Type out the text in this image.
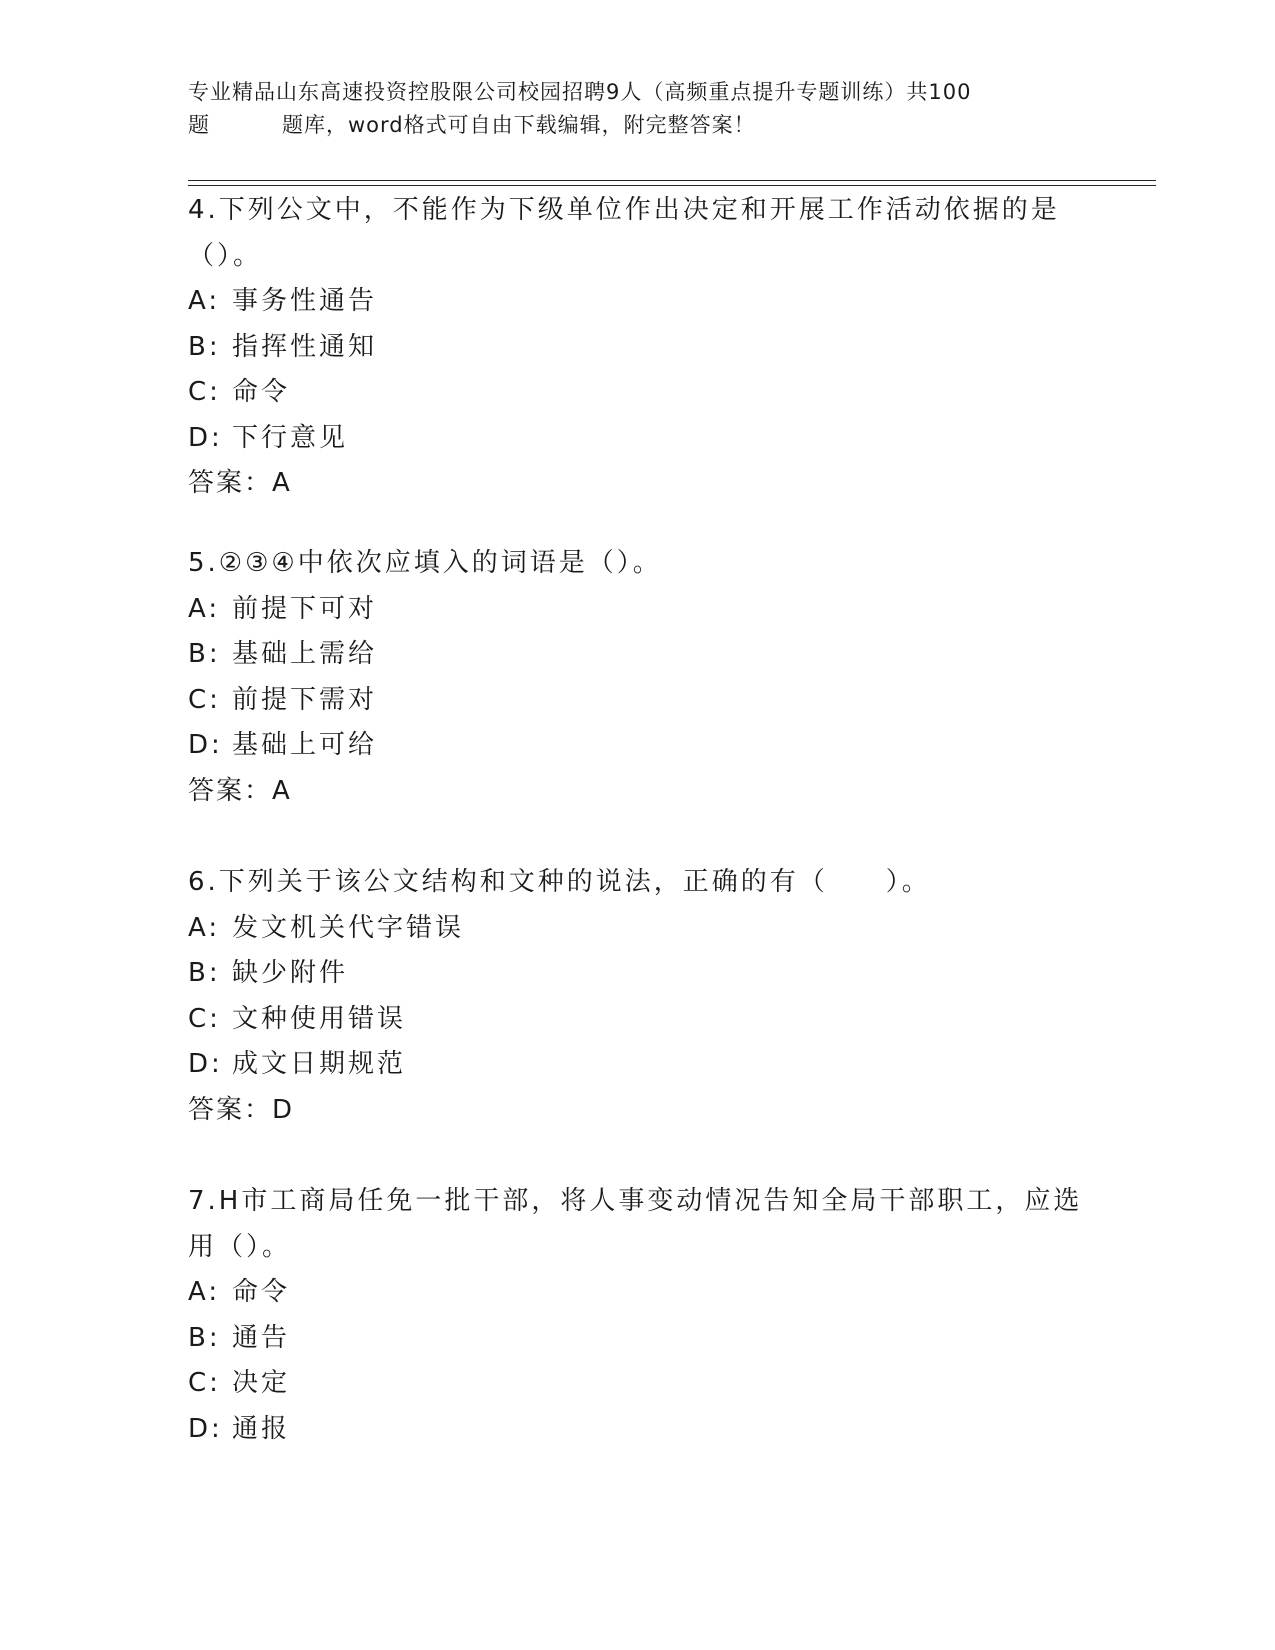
专业精品山东高速投资控股限公司校园招聘9人（高频重点提升专题训练）共100
题	题库，word格式可自由下载编辑，附完整答案！
4.下列公文中，不能作为下级单位作出决定和开展工作活动依据的是
（）。
A: 事务性通告
B: 指挥性通知
C: 命令
D: 下行意见
答案：A
5.②③④中依次应填入的词语是（）。
A: 前提下可对
B: 基础上需给
C: 前提下需对
D: 基础上可给
答案：A
6.下列关于该公文结构和文种的说法，正确的有（　　）。
A: 发文机关代字错误
B: 缺少附件
C: 文种使用错误
D: 成文日期规范
答案：D
7.H市工商局任免一批干部，将人事变动情况告知全局干部职工，应选
用（）。
A: 命令
B: 通告
C: 决定
D: 通报
